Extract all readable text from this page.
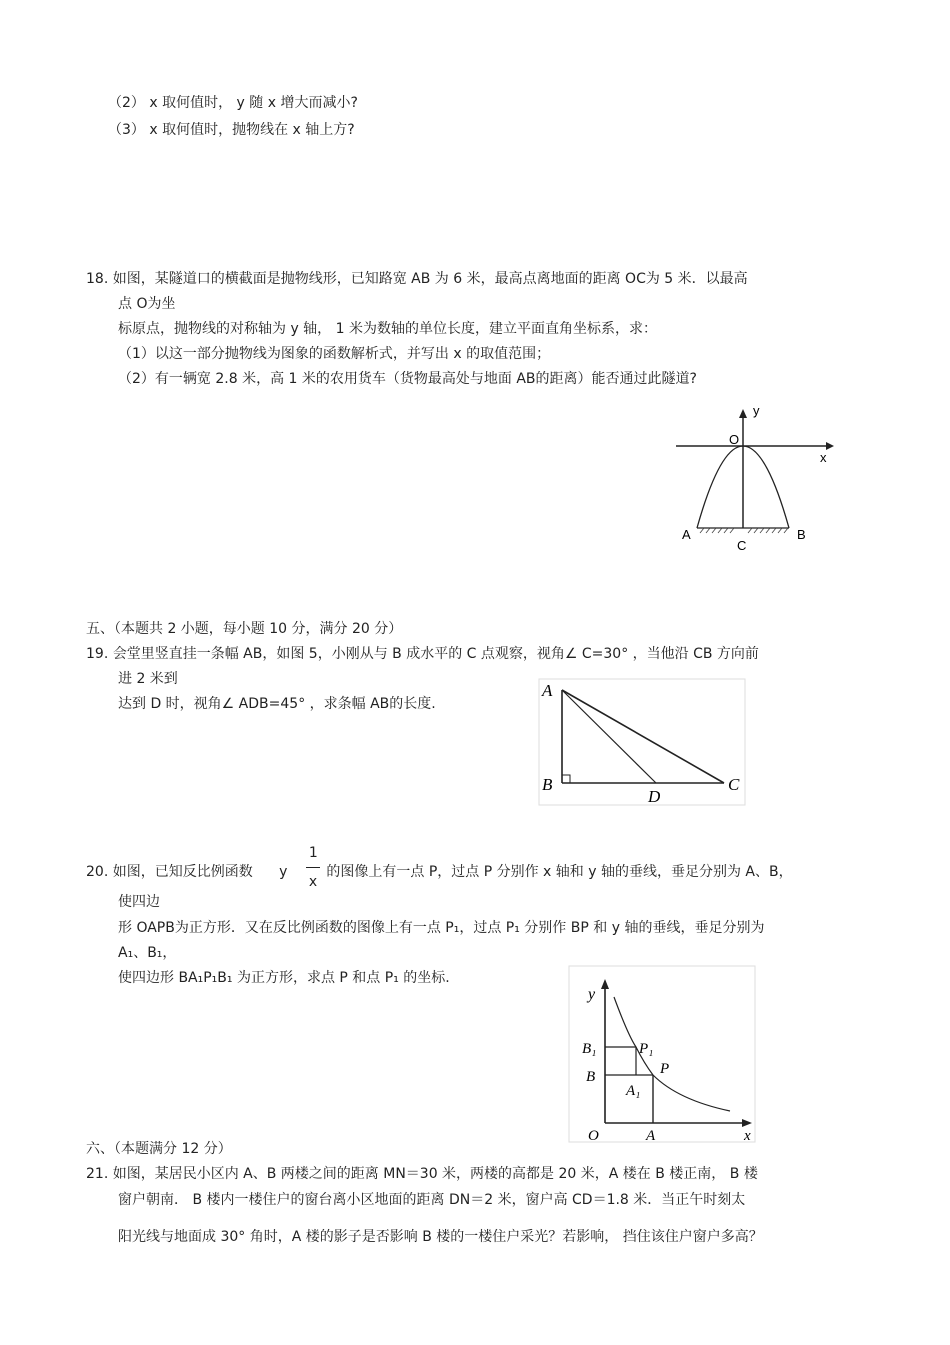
（2） x 取何值时， y 随 x 增大而减小?
（3） x 取何值时，抛物线在 x 轴上方?
18. 如图，某隧道口的横截面是抛物线形，已知路宽 AB 为 6 米，最高点离地面的距离 OC为 5 米．以最高
点 O为坐
标原点，抛物线的对称轴为 y 轴， 1 米为数轴的单位长度，建立平面直角坐标系，求：
（1）以这一部分抛物线为图象的函数解析式，并写出 x 的取值范围；
（2）有一辆宽 2.8 米，高 1 米的农用货车（货物最高处与地面 AB的距离）能否通过此隧道?
y
O
x
A
C
B
五、（本题共 2 小题，每小题 10 分，满分 20 分）
19. 会堂里竖直挂一条幅 AB，如图 5，小刚从与 B 成水平的 C 点观察，视角∠ C=30° ，当他沿 CB 方向前
进 2 米到
达到 D 时，视角∠ ADB=45° ，求条幅 AB的长度.
A
B
D
C
20. 如图，已知反比例函数 y $\frac{1}{x}$ 的图像上有一点 P，过点 P 分别作 x 轴和 y 轴的垂线，垂足分别为 A、B，
使四边
形 OAPB为正方形．又在反比例函数的图像上有一点 P₁，过点 P₁ 分别作 BP 和 y 轴的垂线，垂足分别为
A₁、B₁，
使四边形 BA₁P₁B₁ 为正方形，求点 P 和点 P₁ 的坐标.
y
B₁	P₁
P
B
A₁
O	A	x
六、（本题满分 12 分）
21. 如图，某居民小区内 A、B 两楼之间的距离 MN＝30 米，两楼的高都是 20 米，A 楼在 B 楼正南， B 楼
窗户朝南． B 楼内一楼住户的窗台离小区地面的距离 DN＝2 米，窗户高 CD＝1.8 米．当正午时刻太
阳光线与地面成 30° 角时，A 楼的影子是否影响 B 楼的一楼住户采光？若影响， 挡住该住户窗户多高？
